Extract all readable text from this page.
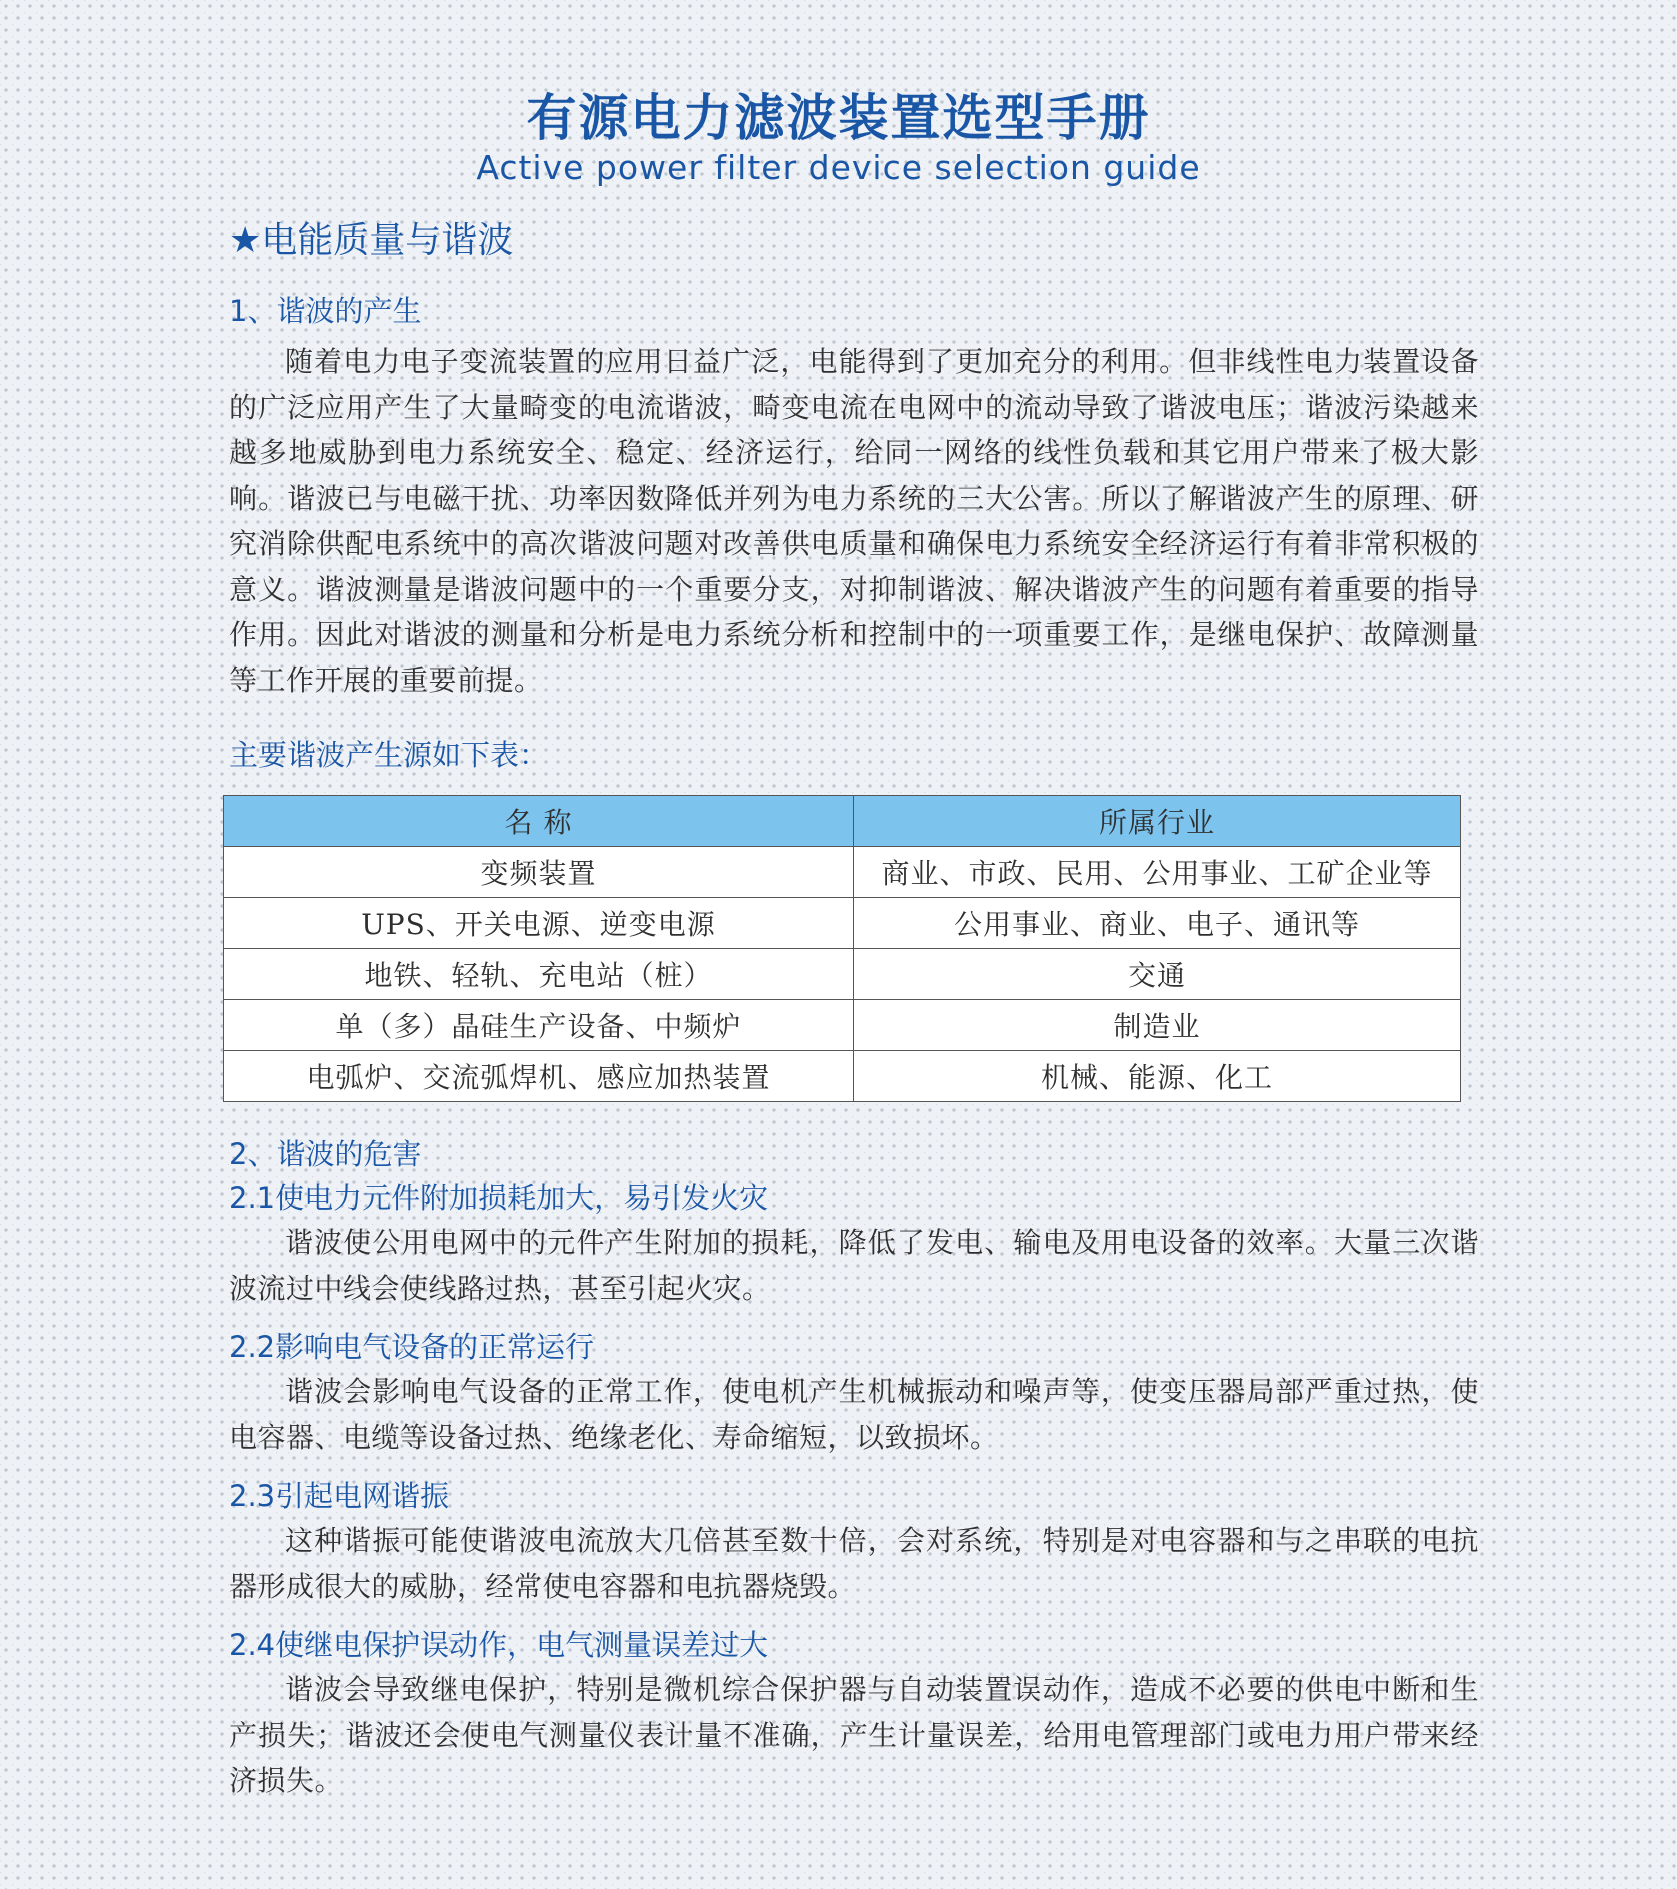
有源电力滤波装置选型手册
Active power filter device selection guide
★电能质量与谐波
1、谐波的产生

随着电力电子变流装置的应用日益广泛，电能得到了更加充分的利用。但非线性电力装置设备的广泛应用产生了大量畸变的电流谐波，畸变电流在电网中的流动导致了谐波电压；谐波污染越来越多地威胁到电力系统安全、稳定、经济运行，给同一网络的线性负载和其它用户带来了极大影响。谐波已与电磁干扰、功率因数降低并列为电力系统的三大公害。所以了解谐波产生的原理、研究消除供配电系统中的高次谐波问题对改善供电质量和确保电力系统安全经济运行有着非常积极的意义。谐波测量是谐波问题中的一个重要分支，对抑制谐波、解决谐波产生的问题有着重要的指导作用。因此对谐波的测量和分析是电力系统分析和控制中的一项重要工作，是继电保护、故障测量等工作开展的重要前提。

主要谐波产生源如下表：
名 称	所属行业
变频装置	商业、市政、民用、公用事业、工矿企业等
UPS、开关电源、逆变电源	公用事业、商业、电子、通讯等
地铁、轻轨、充电站（桩）	交通
单（多）晶硅生产设备、中频炉	制造业
电弧炉、交流弧焊机、感应加热装置	机械、能源、化工
2、谐波的危害
2.1使电力元件附加损耗加大，易引发火灾

谐波使公用电网中的元件产生附加的损耗，降低了发电、输电及用电设备的效率。大量三次谐波流过中线会使线路过热，甚至引起火灾。

2.2影响电气设备的正常运行

谐波会影响电气设备的正常工作，使电机产生机械振动和噪声等，使变压器局部严重过热，使电容器、电缆等设备过热、绝缘老化、寿命缩短，以致损坏。

2.3引起电网谐振

这种谐振可能使谐波电流放大几倍甚至数十倍，会对系统，特别是对电容器和与之串联的电抗器形成很大的威胁，经常使电容器和电抗器烧毁。

2.4使继电保护误动作，电气测量误差过大

谐波会导致继电保护，特别是微机综合保护器与自动装置误动作，造成不必要的供电中断和生产损失；谐波还会使电气测量仪表计量不准确，产生计量误差，给用电管理部门或电力用户带来经济损失。
